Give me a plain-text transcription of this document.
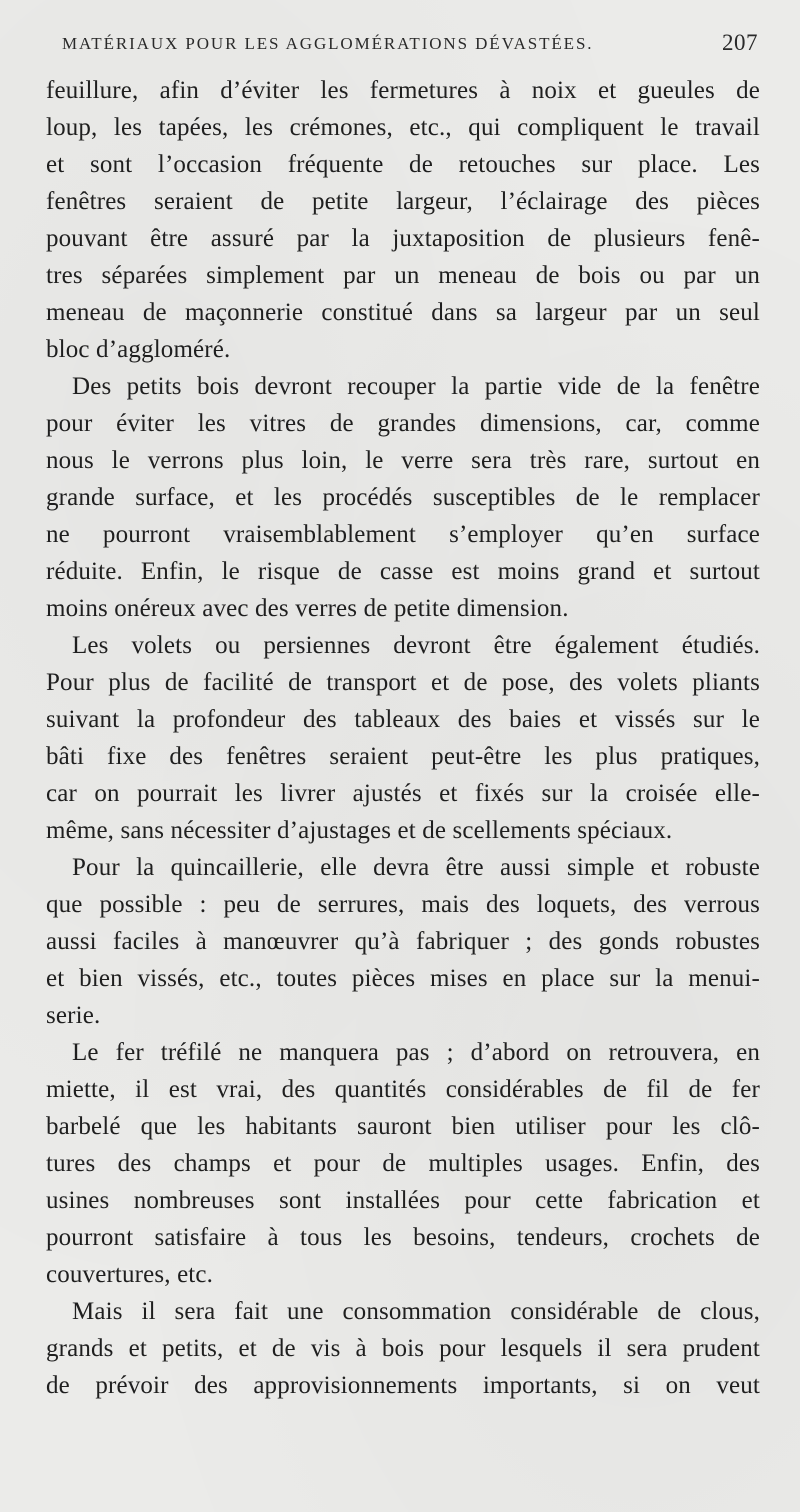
MATÉRIAUX POUR LES AGGLOMÉRATIONS DÉVASTÉES.	207
feuillure, afin d’éviter les fermetures à noix et gueules de
loup, les tapées, les crémones, etc., qui compliquent le travail
et sont l’occasion fréquente de retouches sur place. Les
fenêtres seraient de petite largeur, l’éclairage des pièces
pouvant être assuré par la juxtaposition de plusieurs fenê-
tres séparées simplement par un meneau de bois ou par un
meneau de maçonnerie constitué dans sa largeur par un seul
bloc d’aggloméré.
Des petits bois devront recouper la partie vide de la fenêtre
pour éviter les vitres de grandes dimensions, car, comme
nous le verrons plus loin, le verre sera très rare, surtout en
grande surface, et les procédés susceptibles de le remplacer
ne pourront vraisemblablement s’employer qu’en surface
réduite. Enfin, le risque de casse est moins grand et surtout
moins onéreux avec des verres de petite dimension.
Les volets ou persiennes devront être également étudiés.
Pour plus de facilité de transport et de pose, des volets pliants
suivant la profondeur des tableaux des baies et vissés sur le
bâti fixe des fenêtres seraient peut-être les plus pratiques,
car on pourrait les livrer ajustés et fixés sur la croisée elle-
même, sans nécessiter d’ajustages et de scellements spéciaux.
Pour la quincaillerie, elle devra être aussi simple et robuste
que possible : peu de serrures, mais des loquets, des verrous
aussi faciles à manœuvrer qu’à fabriquer ; des gonds robustes
et bien vissés, etc., toutes pièces mises en place sur la menui-
serie.
Le fer tréfilé ne manquera pas ; d’abord on retrouvera, en
miette, il est vrai, des quantités considérables de fil de fer
barbelé que les habitants sauront bien utiliser pour les clô-
tures des champs et pour de multiples usages. Enfin, des
usines nombreuses sont installées pour cette fabrication et
pourront satisfaire à tous les besoins, tendeurs, crochets de
couvertures, etc.
Mais il sera fait une consommation considérable de clous,
grands et petits, et de vis à bois pour lesquels il sera prudent
de prévoir des approvisionnements importants, si on veut
